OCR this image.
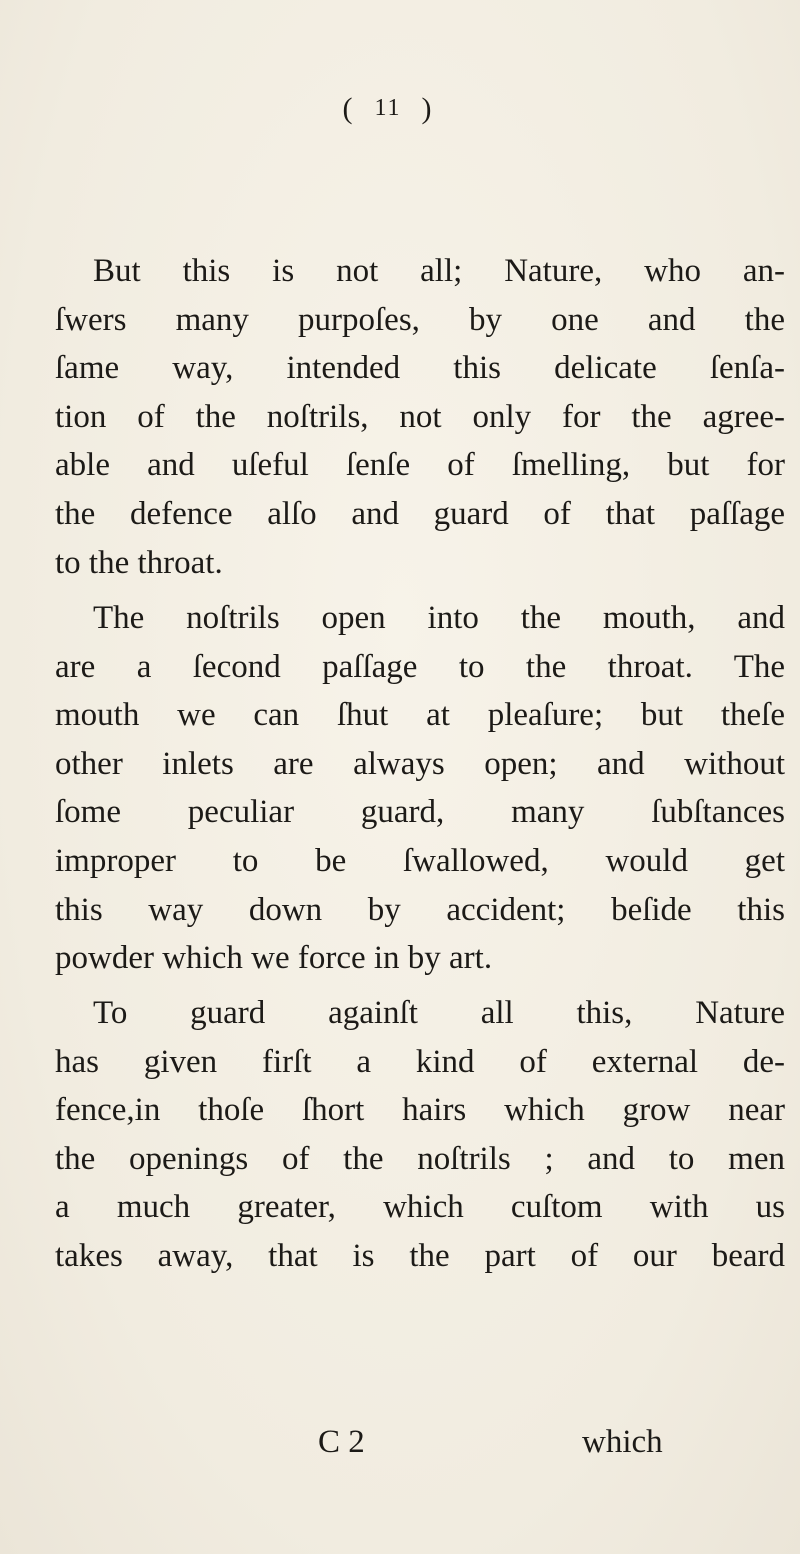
( 11 )

But this is not all; Nature, who an-
ſwers many purpoſes, by one and the
ſame way, intended this delicate ſenſa-
tion of the noſtrils, not only for the agree-
able and uſeful ſenſe of ſmelling, but for
the defence alſo and guard of that paſſage
to the throat.

The noſtrils open into the mouth, and
are a ſecond paſſage to the throat. The
mouth we can ſhut at pleaſure; but theſe
other inlets are always open; and without
ſome peculiar guard, many ſubſtances
improper to be ſwallowed, would get
this way down by accident; beſide this
powder which we force in by art.

To guard againſt all this, Nature
has given firſt a kind of external de-
fence,in thoſe ſhort hairs which grow near
the openings of the noſtrils ; and to men
a much greater, which cuſtom with us
takes away, that is the part of our beard

C 2	which
